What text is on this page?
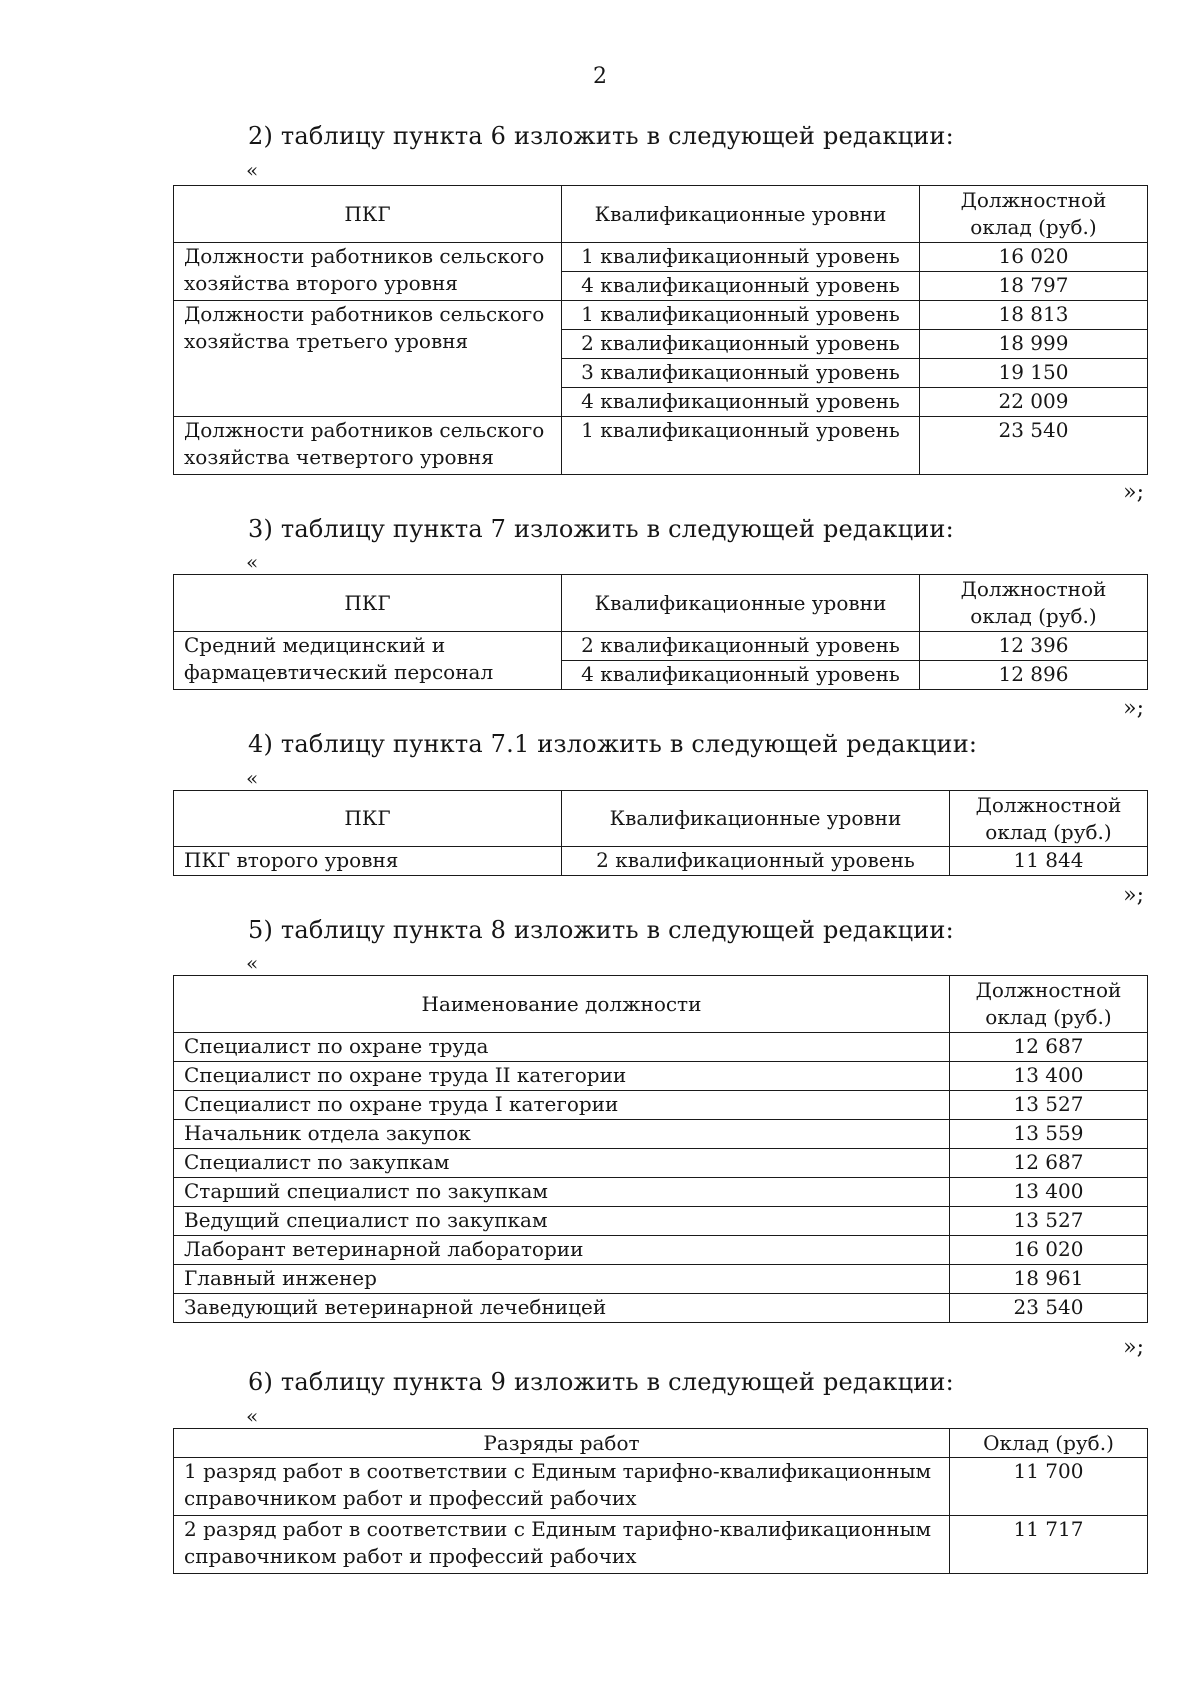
2
2) таблицу пункта 6 изложить в следующей редакции:
«
ПКГ	Квалификационные уровни	Должностной оклад (руб.)
Должности работников сельского хозяйства второго уровня	1 квалификационный уровень	16 020
	4 квалификационный уровень	18 797
Должности работников сельского хозяйства третьего уровня	1 квалификационный уровень	18 813
	2 квалификационный уровень	18 999
	3 квалификационный уровень	19 150
	4 квалификационный уровень	22 009
Должности работников сельского хозяйства четвертого уровня	1 квалификационный уровень	23 540
»;
3) таблицу пункта 7 изложить в следующей редакции:
«
ПКГ	Квалификационные уровни	Должностной оклад (руб.)
Средний медицинский и фармацевтический персонал	2 квалификационный уровень	12 396
	4 квалификационный уровень	12 896
»;
4) таблицу пункта 7.1 изложить в следующей редакции:
«
ПКГ	Квалификационные уровни	Должностной оклад (руб.)
ПКГ второго уровня	2 квалификационный уровень	11 844
»;
5) таблицу пункта 8 изложить в следующей редакции:
«
Наименование должности	Должностной оклад (руб.)
Специалист по охране труда	12 687
Специалист по охране труда II категории	13 400
Специалист по охране труда I категории	13 527
Начальник отдела закупок	13 559
Специалист по закупкам	12 687
Старший специалист по закупкам	13 400
Ведущий специалист по закупкам	13 527
Лаборант ветеринарной лаборатории	16 020
Главный инженер	18 961
Заведующий ветеринарной лечебницей	23 540
»;
6) таблицу пункта 9 изложить в следующей редакции:
«
Разряды работ	Оклад (руб.)
1 разряд работ в соответствии с Единым тарифно-квалификационным справочником работ и профессий рабочих	11 700
2 разряд работ в соответствии с Единым тарифно-квалификационным справочником работ и профессий рабочих	11 717
